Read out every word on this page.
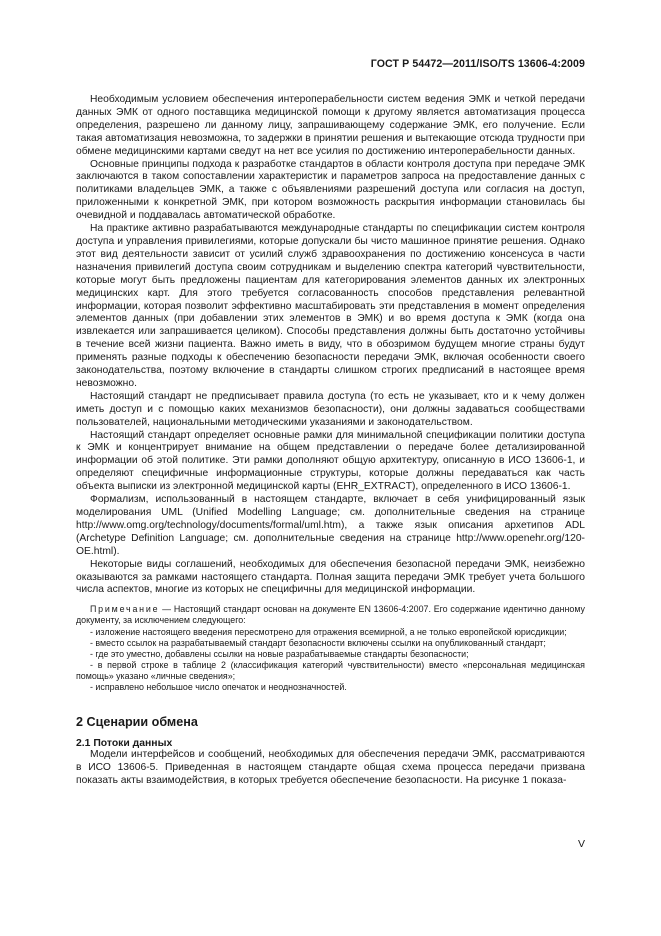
ГОСТ Р 54472—2011/ISO/TS 13606-4:2009

Необходимым условием обеспечения интероперабельности систем ведения ЭМК и четкой передачи данных ЭМК от одного поставщика медицинской помощи к другому является автоматизация процесса определения, разрешено ли данному лицу, запрашивающему содержание ЭМК, его получение. Если такая автоматизация невозможна, то задержки в принятии решения и вытекающие отсюда трудности при обмене медицинскими картами сведут на нет все усилия по достижению интероперабельности данных.

Основные принципы подхода к разработке стандартов в области контроля доступа при передаче ЭМК заключаются в таком сопоставлении характеристик и параметров запроса на предоставление данных с политиками владельцев ЭМК, а также с объявлениями разрешений доступа или согласия на доступ, приложенными к конкретной ЭМК, при котором возможность раскрытия информации становилась бы очевидной и поддавалась автоматической обработке.

На практике активно разрабатываются международные стандарты по спецификации систем контроля доступа и управления привилегиями, которые допускали бы чисто машинное принятие решения. Однако этот вид деятельности зависит от усилий служб здравоохранения по достижению консенсуса в части назначения привилегий доступа своим сотрудникам и выделению спектра категорий чувствительности, которые могут быть предложены пациентам для категорирования элементов данных их электронных медицинских карт. Для этого требуется согласованность способов представления релевантной информации, которая позволит эффективно масштабировать эти представления в момент определения элементов данных (при добавлении этих элементов в ЭМК) и во время доступа к ЭМК (когда она извлекается или запрашивается целиком). Способы представления должны быть достаточно устойчивы в течение всей жизни пациента. Важно иметь в виду, что в обозримом будущем многие страны будут применять разные подходы к обеспечению безопасности передачи ЭМК, включая особенности своего законодательства, поэтому включение в стандарты слишком строгих предписаний в настоящее время невозможно.

Настоящий стандарт не предписывает правила доступа (то есть не указывает, кто и к чему должен иметь доступ и с помощью каких механизмов безопасности), они должны задаваться сообществами пользователей, национальными методическими указаниями и законодательством.

Настоящий стандарт определяет основные рамки для минимальной спецификации политики доступа к ЭМК и концентрирует внимание на общем представлении о передаче более детализированной информации об этой политике. Эти рамки дополняют общую архитектуру, описанную в ИСО 13606-1, и определяют специфичные информационные структуры, которые должны передаваться как часть объекта выписки из электронной медицинской карты (EHR_EXTRACT), определенного в ИСО 13606-1.

Формализм, использованный в настоящем стандарте, включает в себя унифицированный язык моделирования UML (Unified Modelling Language; см. дополнительные сведения на странице http://www.omg.org/technology/documents/formal/uml.htm), а также язык описания архетипов ADL (Archetype Definition Language; см. дополнительные сведения на странице http://www.openehr.org/120-OE.html).

Некоторые виды соглашений, необходимых для обеспечения безопасной передачи ЭМК, неизбежно оказываются за рамками настоящего стандарта. Полная защита передачи ЭМК требует учета большого числа аспектов, многие из которых не специфичны для медицинской информации.

Примечание — Настоящий стандарт основан на документе EN 13606-4:2007. Его содержание идентично данному документу, за исключением следующего:

- изложение настоящего введения пересмотрено для отражения всемирной, а не только европейской юрисдикции;

- вместо ссылок на разрабатываемый стандарт безопасности включены ссылки на опубликованный стандарт;

- где это уместно, добавлены ссылки на новые разрабатываемые стандарты безопасности;

- в первой строке в таблице 2 (классификация категорий чувствительности) вместо «персональная медицинская помощь» указано «личные сведения»;

- исправлено небольшое число опечаток и неоднозначностей.

2 Сценарии обмена
2.1 Потоки данных

Модели интерфейсов и сообщений, необходимых для обеспечения передачи ЭМК, рассматриваются в ИСО 13606-5. Приведенная в настоящем стандарте общая схема процесса передачи призвана показать акты взаимодействия, в которых требуется обеспечение безопасности. На рисунке 1 показа-

V
